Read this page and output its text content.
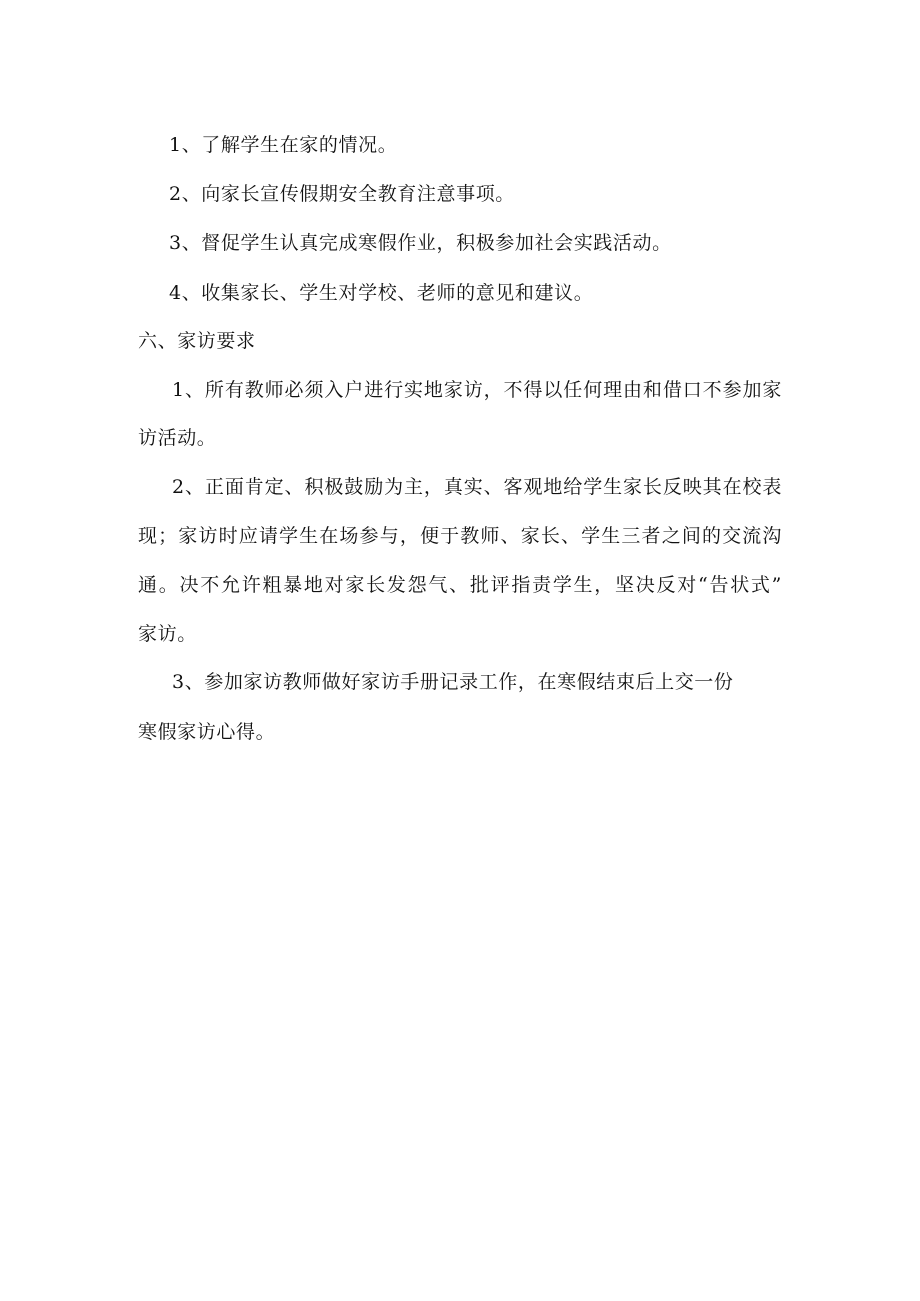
1、了解学生在家的情况。
2、向家长宣传假期安全教育注意事项。
3、督促学生认真完成寒假作业，积极参加社会实践活动。
4、收集家长、学生对学校、老师的意见和建议。
六、家访要求
1、所有教师必须入户进行实地家访，不得以任何理由和借口不参加家
访活动。
2、正面肯定、积极鼓励为主，真实、客观地给学生家长反映其在校表
现；家访时应请学生在场参与，便于教师、家长、学生三者之间的交流沟
通。决不允许粗暴地对家长发怨气、批评指责学生，坚决反对“告状式”
家访。
3、参加家访教师做好家访手册记录工作，在寒假结束后上交一份
寒假家访心得。
